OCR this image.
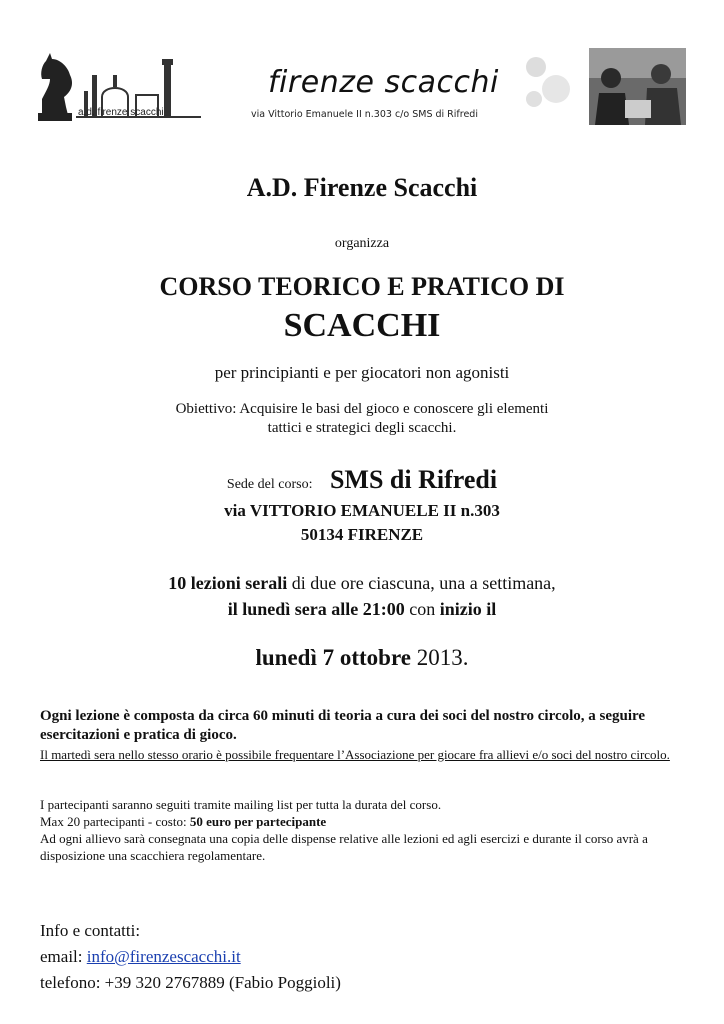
a.d. firenze scacchi
firenze scacchi
via Vittorio Emanuele II n.303 c/o SMS di Rifredi
A.D. Firenze Scacchi
organizza
CORSO TEORICO E PRATICO DI
SCACCHI
per principianti e per giocatori non agonisti
Obiettivo: Acquisire le basi del gioco e conoscere gli elementi
tattici e strategici degli scacchi.
Sede del corso: SMS di Rifredi
via VITTORIO EMANUELE II n.303
50134 FIRENZE
10 lezioni serali di due ore ciascuna, una a settimana,
il lunedì sera alle 21:00 con inizio il
lunedì 7 ottobre 2013.
Ogni lezione è composta da circa 60 minuti di teoria a cura dei soci del nostro circolo, a seguire esercitazioni e pratica di gioco.
Il martedì sera nello stesso orario è possibile frequentare l’Associazione per giocare fra allievi e/o soci del nostro circolo.
I partecipanti saranno seguiti tramite mailing list per tutta la durata del corso.
Max 20 partecipanti - costo: 50 euro per partecipante
Ad ogni allievo sarà consegnata una copia delle dispense relative alle lezioni ed agli esercizi e durante il corso avrà a disposizione una scacchiera regolamentare.
Info e contatti:
email: info@firenzescacchi.it
telefono: +39 320 2767889 (Fabio Poggioli)
